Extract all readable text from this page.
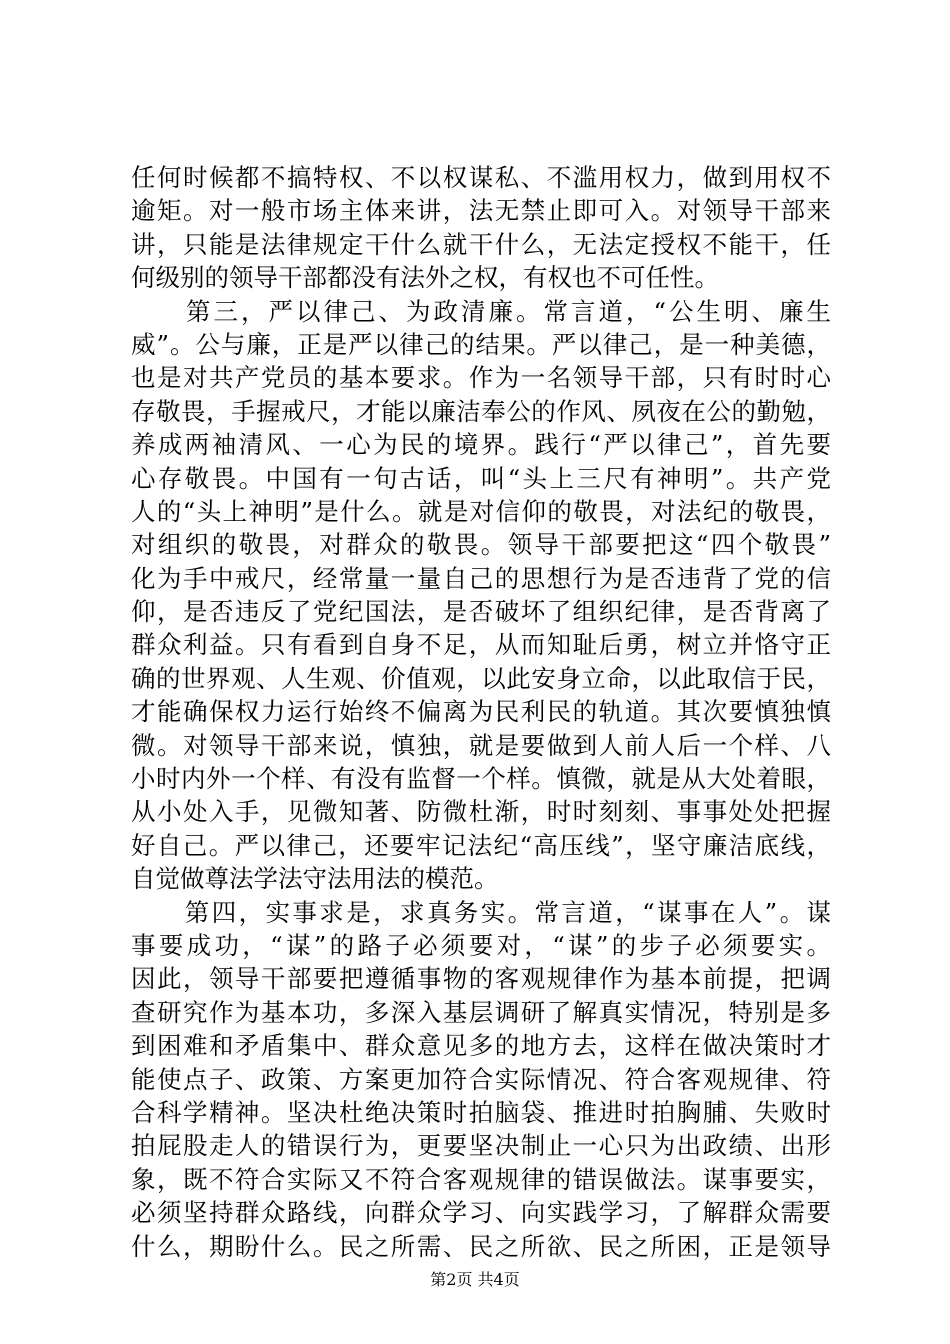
任何时候都不搞特权、不以权谋私、不滥用权力，做到用权不
逾矩。对一般市场主体来讲，法无禁止即可入。对领导干部来
讲，只能是法律规定干什么就干什么，无法定授权不能干，任
何级别的领导干部都没有法外之权，有权也不可任性。
　　第三，严以律己、为政清廉。常言道，“公生明、廉生
威”。公与廉，正是严以律己的结果。严以律己，是一种美德，
也是对共产党员的基本要求。作为一名领导干部，只有时时心
存敬畏，手握戒尺，才能以廉洁奉公的作风、夙夜在公的勤勉，
养成两袖清风、一心为民的境界。践行“严以律己”，首先要
心存敬畏。中国有一句古话，叫“头上三尺有神明”。共产党
人的“头上神明”是什么。就是对信仰的敬畏，对法纪的敬畏，
对组织的敬畏，对群众的敬畏。领导干部要把这“四个敬畏”
化为手中戒尺，经常量一量自己的思想行为是否违背了党的信
仰，是否违反了党纪国法，是否破坏了组织纪律，是否背离了
群众利益。只有看到自身不足，从而知耻后勇，树立并恪守正
确的世界观、人生观、价值观，以此安身立命，以此取信于民，
才能确保权力运行始终不偏离为民利民的轨道。其次要慎独慎
微。对领导干部来说，慎独，就是要做到人前人后一个样、八
小时内外一个样、有没有监督一个样。慎微，就是从大处着眼，
从小处入手，见微知著、防微杜渐，时时刻刻、事事处处把握
好自己。严以律己，还要牢记法纪“高压线”，坚守廉洁底线，
自觉做尊法学法守法用法的模范。
　　第四，实事求是，求真务实。常言道，“谋事在人”。谋
事要成功，“谋”的路子必须要对，“谋”的步子必须要实。
因此，领导干部要把遵循事物的客观规律作为基本前提，把调
查研究作为基本功，多深入基层调研了解真实情况，特别是多
到困难和矛盾集中、群众意见多的地方去，这样在做决策时才
能使点子、政策、方案更加符合实际情况、符合客观规律、符
合科学精神。坚决杜绝决策时拍脑袋、推进时拍胸脯、失败时
拍屁股走人的错误行为，更要坚决制止一心只为出政绩、出形
象，既不符合实际又不符合客观规律的错误做法。谋事要实，
必须坚持群众路线，向群众学习、向实践学习，了解群众需要
什么，期盼什么。民之所需、民之所欲、民之所困，正是领导
第2页 共4页
